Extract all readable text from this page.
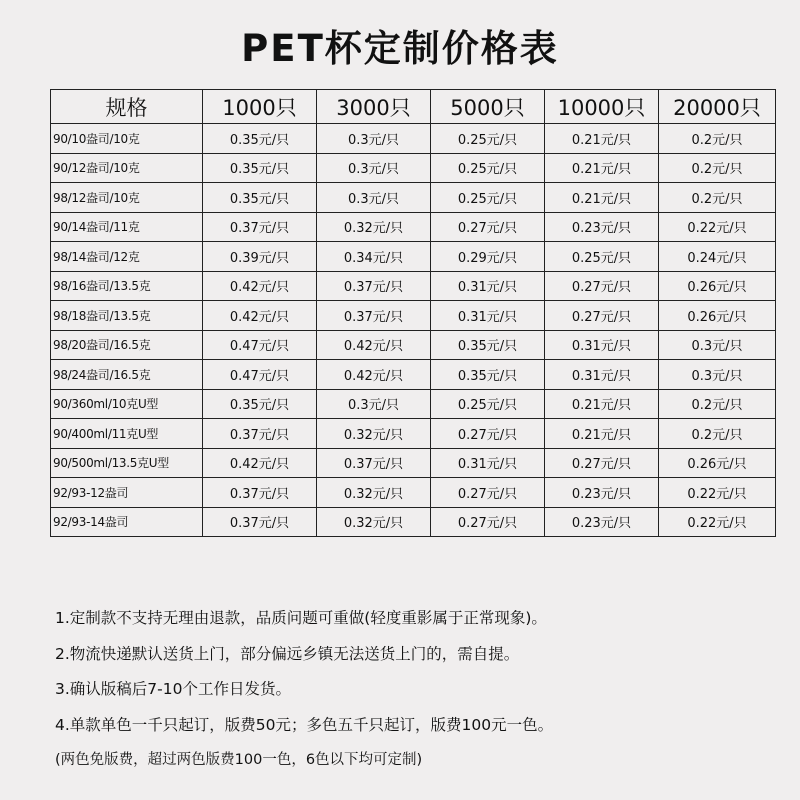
PET杯定制价格表
规格	1000只	3000只	5000只	10000只	20000只
90/10盎司/10克	0.35元/只	0.3元/只	0.25元/只	0.21元/只	0.2元/只
90/12盎司/10克	0.35元/只	0.3元/只	0.25元/只	0.21元/只	0.2元/只
98/12盎司/10克	0.35元/只	0.3元/只	0.25元/只	0.21元/只	0.2元/只
90/14盎司/11克	0.37元/只	0.32元/只	0.27元/只	0.23元/只	0.22元/只
98/14盎司/12克	0.39元/只	0.34元/只	0.29元/只	0.25元/只	0.24元/只
98/16盎司/13.5克	0.42元/只	0.37元/只	0.31元/只	0.27元/只	0.26元/只
98/18盎司/13.5克	0.42元/只	0.37元/只	0.31元/只	0.27元/只	0.26元/只
98/20盎司/16.5克	0.47元/只	0.42元/只	0.35元/只	0.31元/只	0.3元/只
98/24盎司/16.5克	0.47元/只	0.42元/只	0.35元/只	0.31元/只	0.3元/只
90/360ml/10克U型	0.35元/只	0.3元/只	0.25元/只	0.21元/只	0.2元/只
90/400ml/11克U型	0.37元/只	0.32元/只	0.27元/只	0.21元/只	0.2元/只
90/500ml/13.5克U型	0.42元/只	0.37元/只	0.31元/只	0.27元/只	0.26元/只
92/93-12盎司	0.37元/只	0.32元/只	0.27元/只	0.23元/只	0.22元/只
92/93-14盎司	0.37元/只	0.32元/只	0.27元/只	0.23元/只	0.22元/只
1.定制款不支持无理由退款，品质问题可重做(轻度重影属于正常现象)。
2.物流快递默认送货上门，部分偏远乡镇无法送货上门的，需自提。
3.确认版稿后7-10个工作日发货。
4.单款单色一千只起订，版费50元；多色五千只起订，版费100元一色。
(两色免版费，超过两色版费100一色，6色以下均可定制)
